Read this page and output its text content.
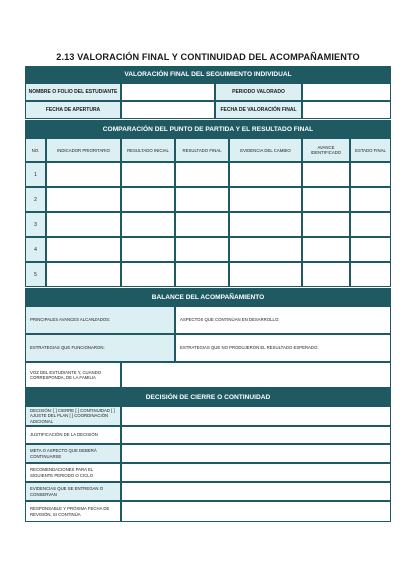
2.13 VALORACIÓN FINAL Y CONTINUIDAD DEL ACOMPAÑAMIENTO
VALORACIÓN FINAL DEL SEGUIMIENTO INDIVIDUAL
NOMBRE O FOLIO DEL ESTUDIANTE	PERIODO VALORADO
FECHA DE APERTURA	FECHA DE VALORACIÓN FINAL
COMPARACIÓN DEL PUNTO DE PARTIDA Y EL RESULTADO FINAL
NO.	INDICADOR PRIORITARIO	RESULTADO INICIAL	RESULTADO FINAL	EVIDENCIA DEL CAMBIO	AVANCE IDENTIFICADO	ESTADO FINAL
1
2
3
4
5
BALANCE DEL ACOMPAÑAMIENTO
PRINCIPALES AVANCES ALCANZADOS:	ASPECTOS QUE CONTINÚAN EN DESARROLLO:
ESTRATEGIAS QUE FUNCIONARON:	ESTRATEGIAS QUE NO PRODUJERON EL RESULTADO ESPERADO:
VOZ DEL ESTUDIANTE Y, CUANDO CORRESPONDA, DE LA FAMILIA
DECISIÓN DE CIERRE O CONTINUIDAD
DECISIÓN: [ ] CIERRE [ ] CONTINUIDAD [ ] AJUSTE DEL PLAN [ ] COORDINACIÓN ADICIONAL
JUSTIFICACIÓN DE LA DECISIÓN
META O ASPECTO QUE DEBERÁ CONTINUARSE
RECOMENDACIONES PARA EL SIGUIENTE PERIODO O CICLO
EVIDENCIAS QUE SE ENTREGAN O CONSERVAN
RESPONSABLE Y PRÓXIMA FECHA DE REVISIÓN, SI CONTINÚA
